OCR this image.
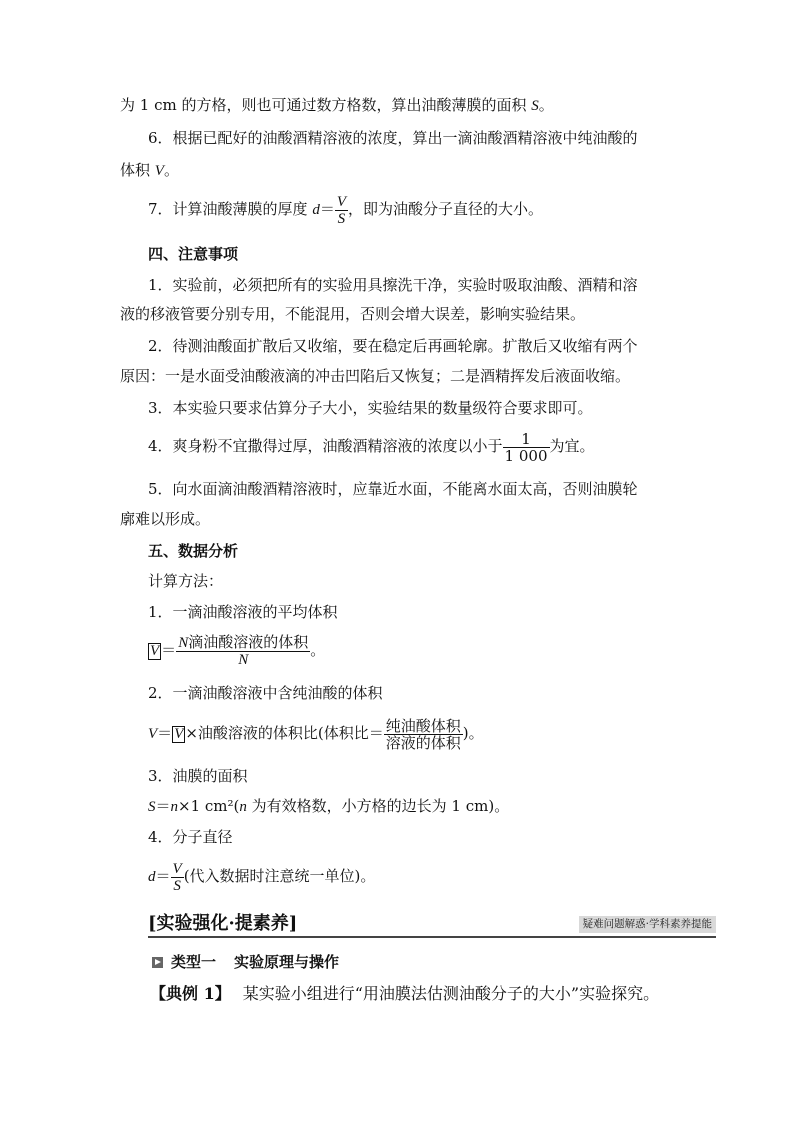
为 1 cm 的方格，则也可通过数方格数，算出油酸薄膜的面积 S。
6．根据已配好的油酸酒精溶液的浓度，算出一滴油酸酒精溶液中纯油酸的
体积 V。
7．计算油酸薄膜的厚度 $d= \frac{V}{S}$ ，即为油酸分子直径的大小。
四、注意事项
1．实验前，必须把所有的实验用具擦洗干净，实验时吸取油酸、酒精和溶
液的移液管要分别专用，不能混用，否则会增大误差，影响实验结果。
2．待测油酸面扩散后又收缩，要在稳定后再画轮廓。扩散后又收缩有两个
原因：一是水面受油酸液滴的冲击凹陷后又恢复；二是酒精挥发后液面收缩。
3．本实验只要求估算分子大小，实验结果的数量级符合要求即可。
4．爽身粉不宜撒得过厚，油酸酒精溶液的浓度以小于 $\frac{1}{1 000}$ 为宜。
5．向水面滴油酸酒精溶液时，应靠近水面，不能离水面太高，否则油膜轮
廓难以形成。
五、数据分析
计算方法：
1．一滴油酸溶液的平均体积
$V = \frac{\text{N滴油酸溶液的体积}}{N}$ 。
2．一滴油酸溶液中含纯油酸的体积
V＝ V ×油酸溶液的体积比(体积比＝ $\frac{\text{纯油酸体积}}{\text{溶液的体积}}$ )。
3．油膜的面积
S＝n×1 cm²(n 为有效格数，小方格的边长为 1 cm)。
4．分子直径
$d= \frac{V}{S}$ (代入数据时注意统一单位)。
[实验强化·提素养]	疑难问题解惑·学科素养提能
类型一 实验原理与操作
【典例 1】 某实验小组进行“用油膜法估测油酸分子的大小”实验探究。
